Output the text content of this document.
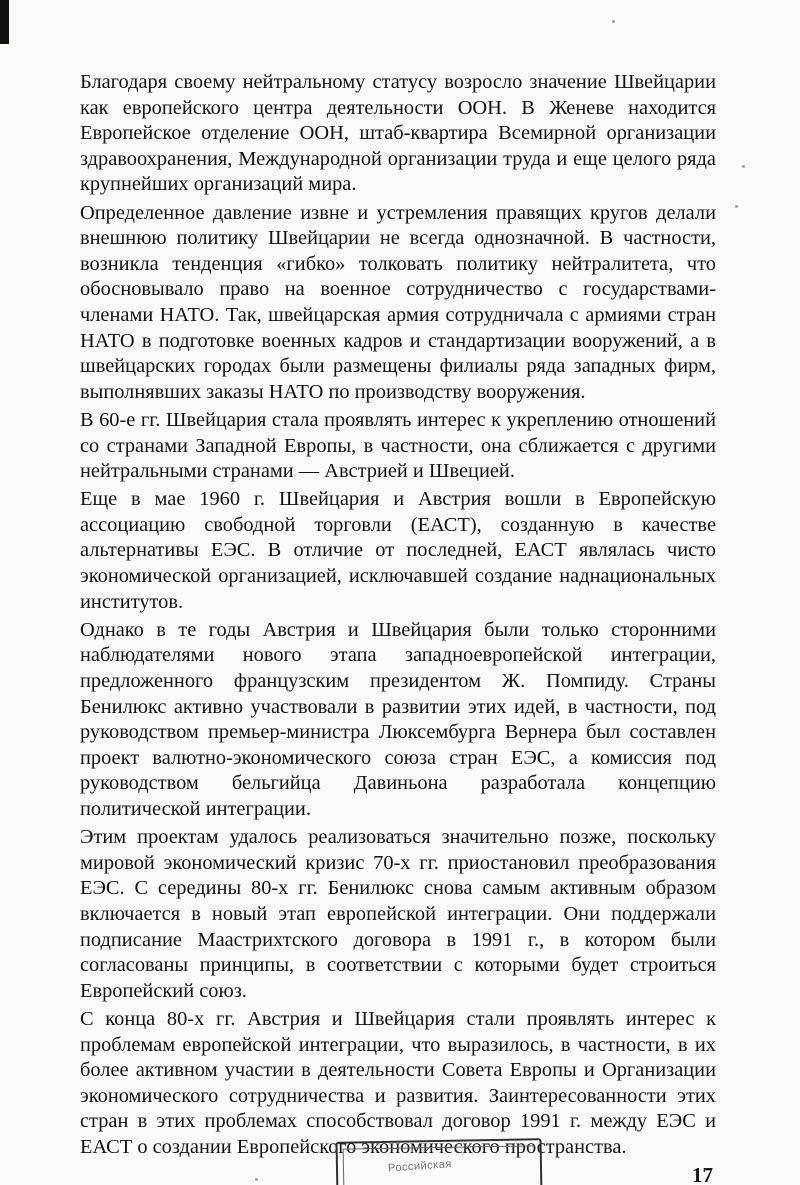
Благодаря своему нейтральному статусу возросло значение Швейцарии как европейского центра деятельности ООН. В Женеве находится Европейское отделение ООН, штаб-квартира Всемирной организации здравоохранения, Международной организации труда и еще целого ряда крупнейших организаций мира.

Определенное давление извне и устремления правящих кругов делали внешнюю политику Швейцарии не всегда однозначной. В частности, возникла тенденция «гибко» толковать политику нейтралитета, что обосновывало право на военное сотрудничество с государствами-членами НАТО. Так, швейцарская армия сотрудничала с армиями стран НАТО в подготовке военных кадров и стандартизации вооружений, а в швейцарских городах были размещены филиалы ряда западных фирм, выполнявших заказы НАТО по производству вооружения.

В 60-е гг. Швейцария стала проявлять интерес к укреплению отношений со странами Западной Европы, в частности, она сближается с другими нейтральными странами — Австрией и Швецией.

Еще в мае 1960 г. Швейцария и Австрия вошли в Европейскую ассоциацию свободной торговли (ЕАСТ), созданную в качестве альтернативы ЕЭС. В отличие от последней, ЕАСТ являлась чисто экономической организацией, исключавшей создание наднациональных институтов.

Однако в те годы Австрия и Швейцария были только сторонними наблюдателями нового этапа западноевропейской интеграции, предложенного французским президентом Ж. Помпиду. Страны Бенилюкс активно участвовали в развитии этих идей, в частности, под руководством премьер-министра Люксембурга Вернера был составлен проект валютно-экономического союза стран ЕЭС, а комиссия под руководством бельгийца Давиньона разработала концепцию политической интеграции.

Этим проектам удалось реализоваться значительно позже, поскольку мировой экономический кризис 70-х гг. приостановил преобразования ЕЭС. С середины 80-х гг. Бенилюкс снова самым активным образом включается в новый этап европейской интеграции. Они поддержали подписание Маастрихтского договора в 1991 г., в котором были согласованы принципы, в соответствии с которыми будет строиться Европейский союз.

С конца 80-х гг. Австрия и Швейцария стали проявлять интерес к проблемам европейской интеграции, что выразилось, в частности, в их более активном участии в деятельности Совета Европы и Организации экономического сотрудничества и развития. Заинтересованности этих стран в этих проблемах способствовал договор 1991 г. между ЕЭС и ЕАСТ о создании Европейского экономического пространства.

Российская	17
